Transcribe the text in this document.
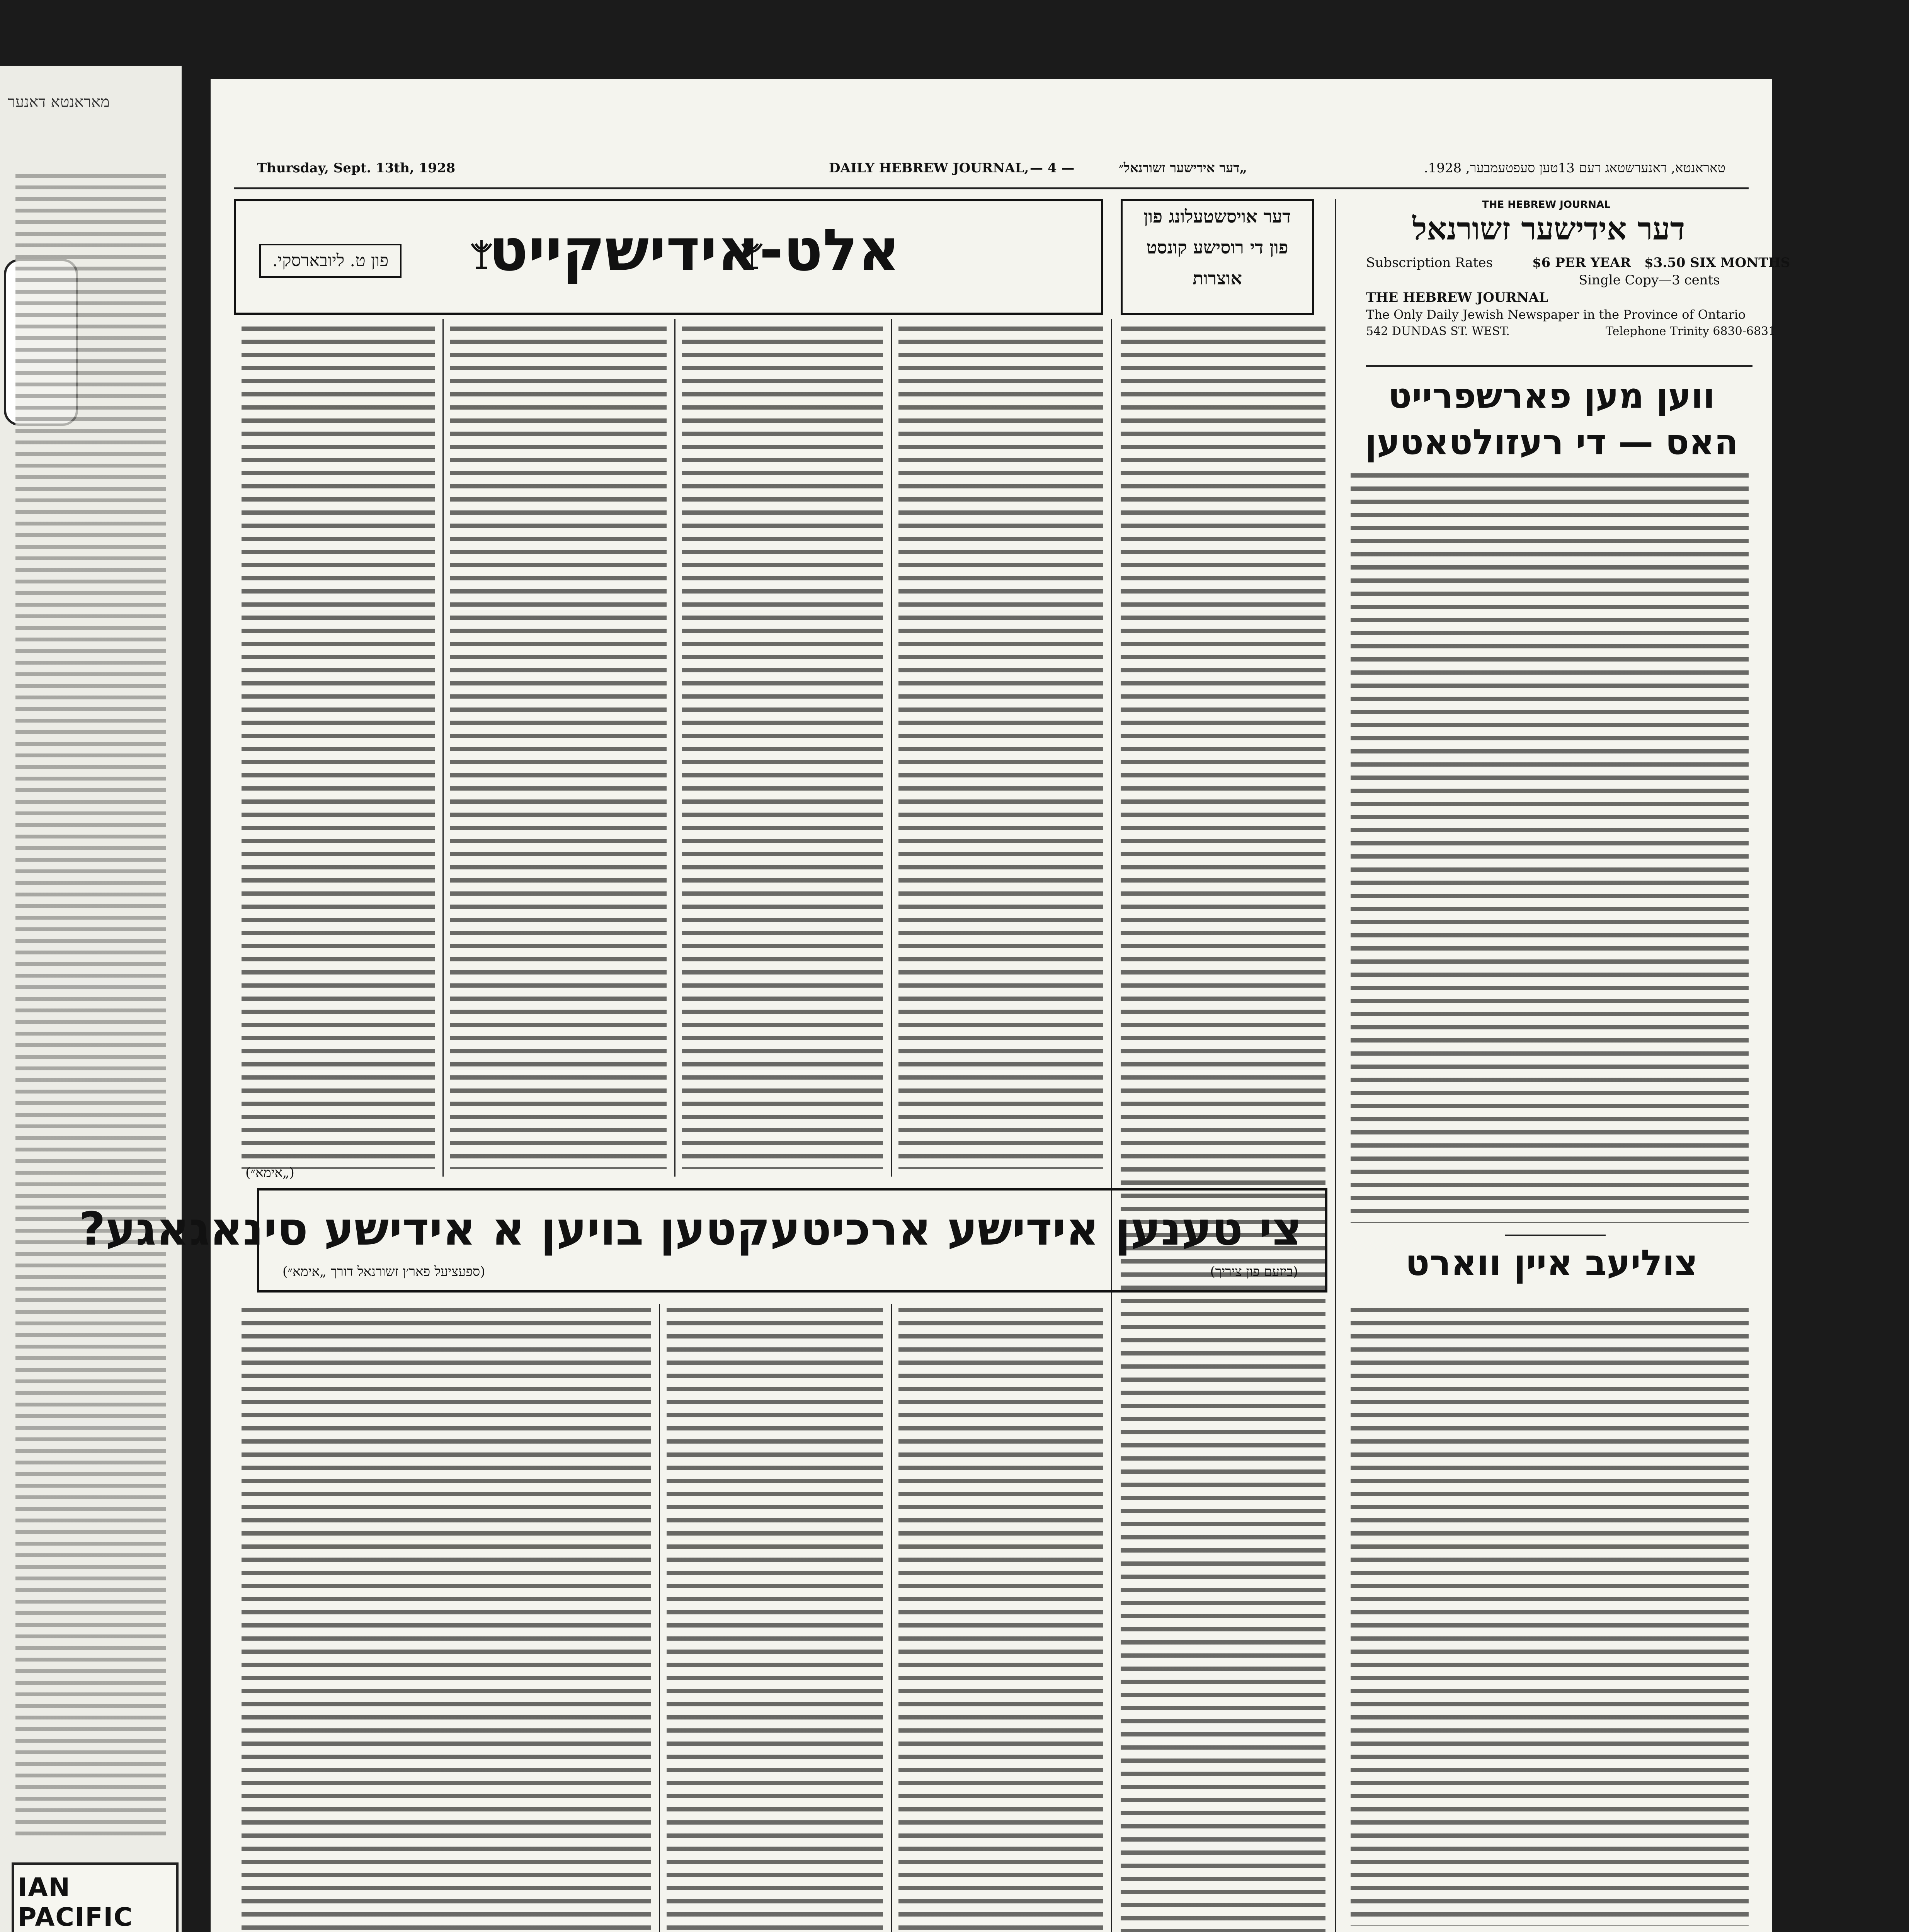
מאראנטא דאנער
IAN PACIFIC
Thursday, Sept. 13th, 1928	DAILY HEBREW JOURNAL, — 4 —	„דער אידישער זשורנאל״	טאראנטא, דאנערשטאג דעם 13טען סעפטעמבער, 1928.
אלט-אידישקייט
פון ט. ליובארסקי.
דער אויסשטעלונג פון
פון די רוסישע קונסט
אוצרות
THE HEBREW JOURNAL
דער אידישער זשורנאל
Subscription Rates	$6 PER YEAR $3.50 SIX MONTHS
Single Copy—3 cents
THE HEBREW JOURNAL
The Only Daily Jewish Newspaper in the Province of Ontario
542 DUNDAS ST. WEST.	Telephone Trinity 6830-6831
(„אימא״)
ווען מען פארשפרייט האס — די רעזולטאטען
צוליעב איין ווארט
צי טענען אידישע ארכיטעקטען בויען א אידישע סינאגאגע?
(ביזעם פון ציריך)
(ספעציעל פאר׳ן זשורנאל דורך „אימא״)
